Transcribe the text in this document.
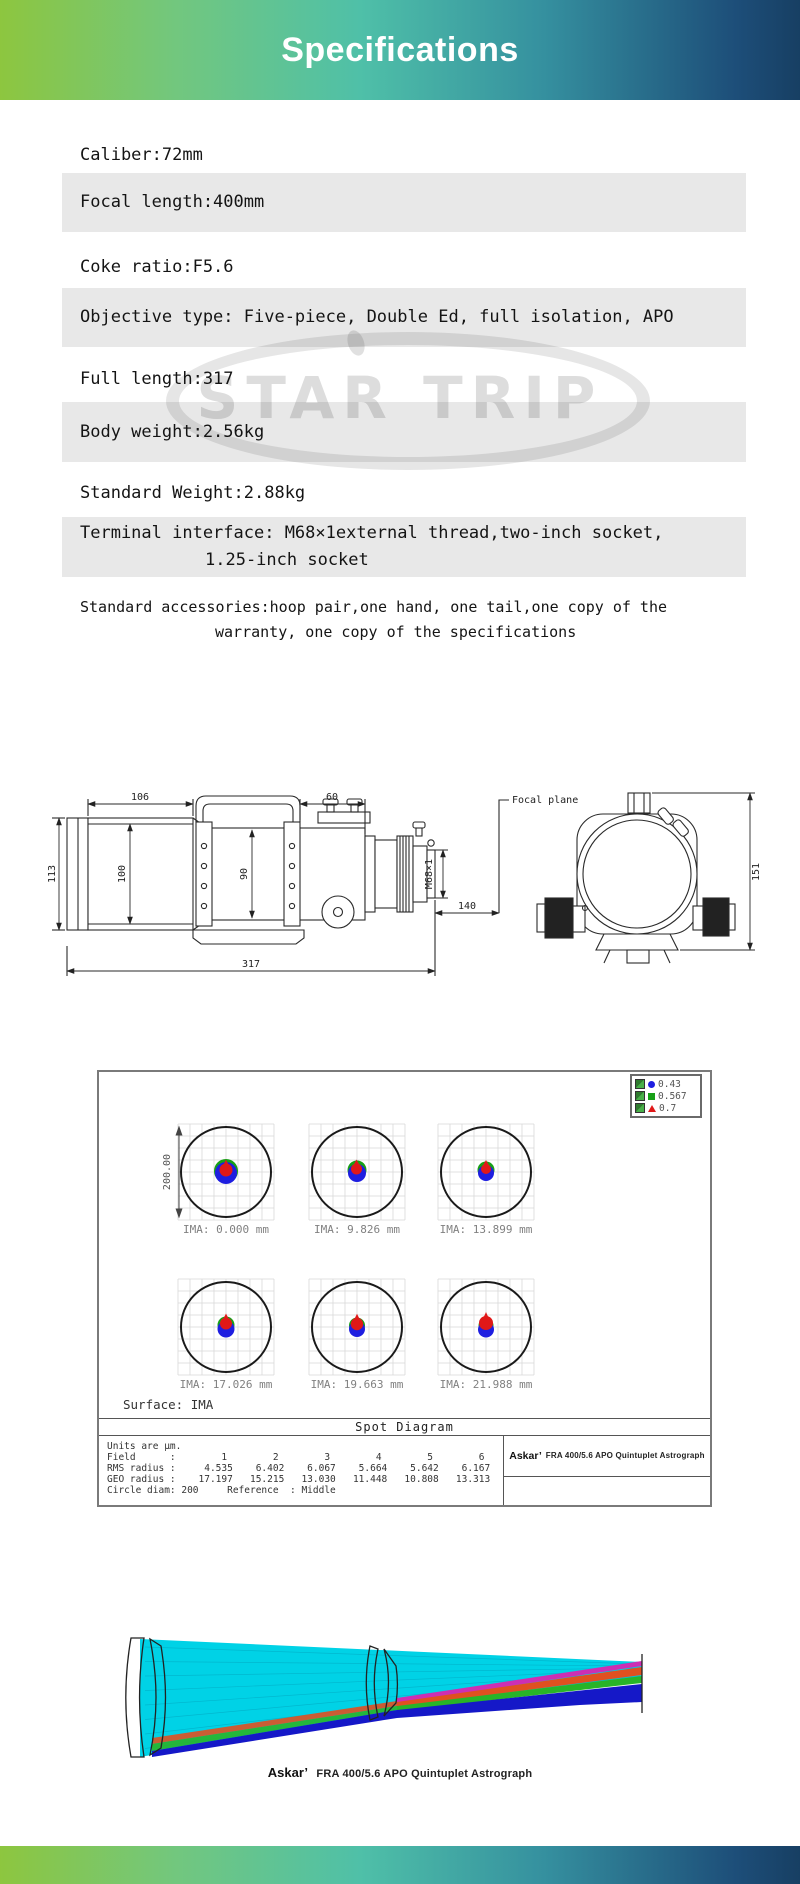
Specifications
STAR TRIP
Caliber:72mm
Focal length:400mm
Coke ratio:F5.6
Objective type: Five-piece, Double Ed, full isolation, APO
Full length:317
Body weight:2.56kg
Standard Weight:2.88kg
Terminal interface: M68×1external thread,two-inch socket,
1.25-inch socket
Standard accessories:hoop pair,one hand, one tail,one copy of the
warranty, one copy of the specifications
106	60
113	100	90	M68×1
140
317
151
Focal plane
IMA: 0.000 mm	IMA: 9.826 mm	IMA: 13.899 mm
IMA: 17.026 mm	IMA: 19.663 mm	IMA: 21.988 mm
200.00
0.43
0.567
0.7
Surface: IMA
Spot Diagram
Units are µm.
Field      :        1        2        3        4        5        6
RMS radius :     4.535    6.402    6.067    5.664    5.642    6.167
GEO radius :    17.197   15.215   13.030   11.448   10.808   13.313
Circle diam: 200     Reference  : Middle
Askar’ FRA 400/5.6 APO Quintuplet Astrograph
Askar’ FRA 400/5.6 APO Quintuplet Astrograph
